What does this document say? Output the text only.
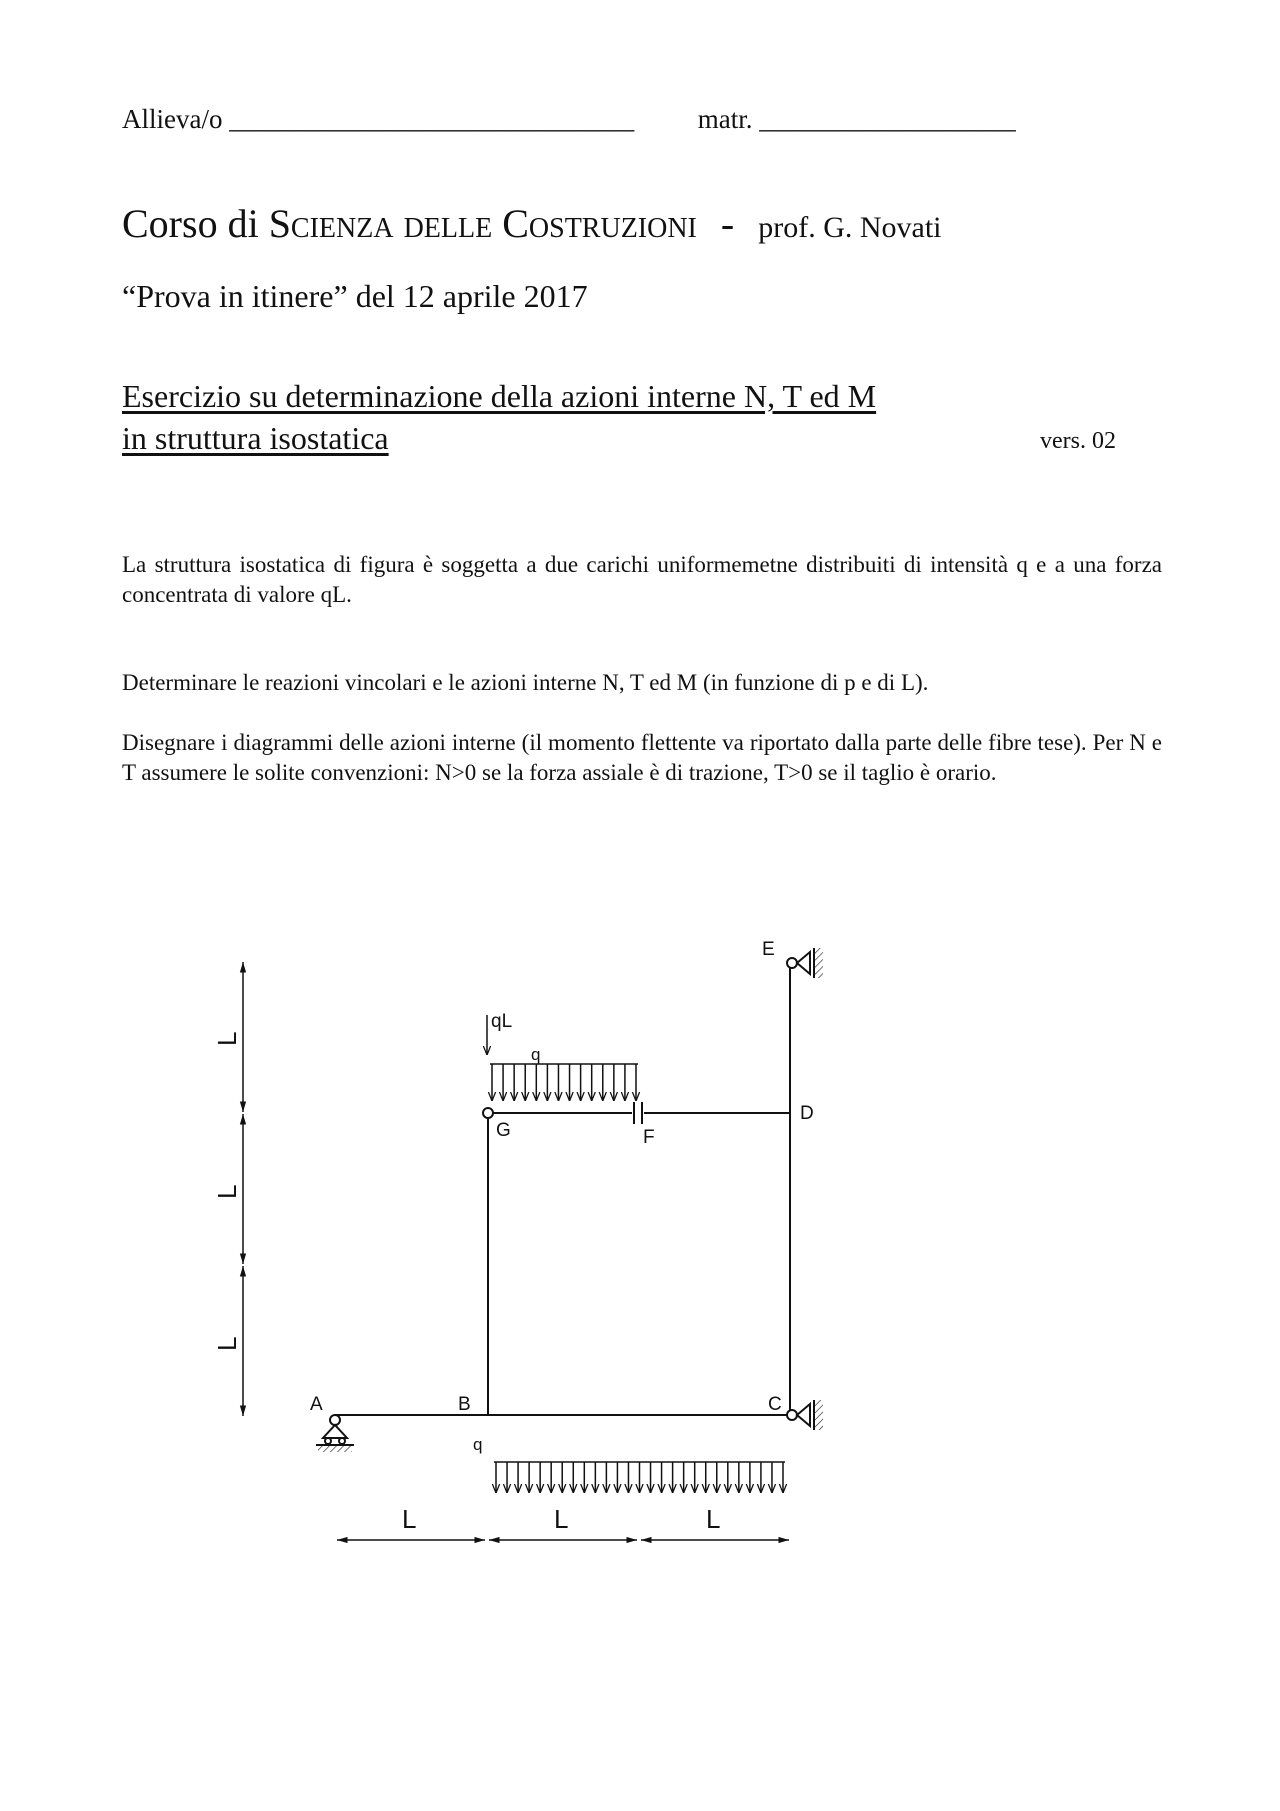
Allieva/o ______________________________ matr. ___________________
Corso di Scienza delle Costruzioni - prof. G. Novati
“Prova in itinere” del 12 aprile 2017
Esercizio su determinazione della azioni interne N, T ed M
in struttura isostatica	vers. 02
La struttura isostatica di figura è soggetta a due carichi uniformemetne distribuiti di intensità q e a una forza concentrata di valore qL.
Determinare le reazioni vincolari e le azioni interne N, T ed M (in funzione di p e di L).
Disegnare i diagrammi delle azioni interne (il momento flettente va riportato dalla parte delle fibre tese). Per N e T assumere le solite convenzioni: N>0 se la forza assiale è di trazione, T>0 se il taglio è orario.
A	B	C
D
E
F
G
qL
q
q
L
L
L
L	L	L
